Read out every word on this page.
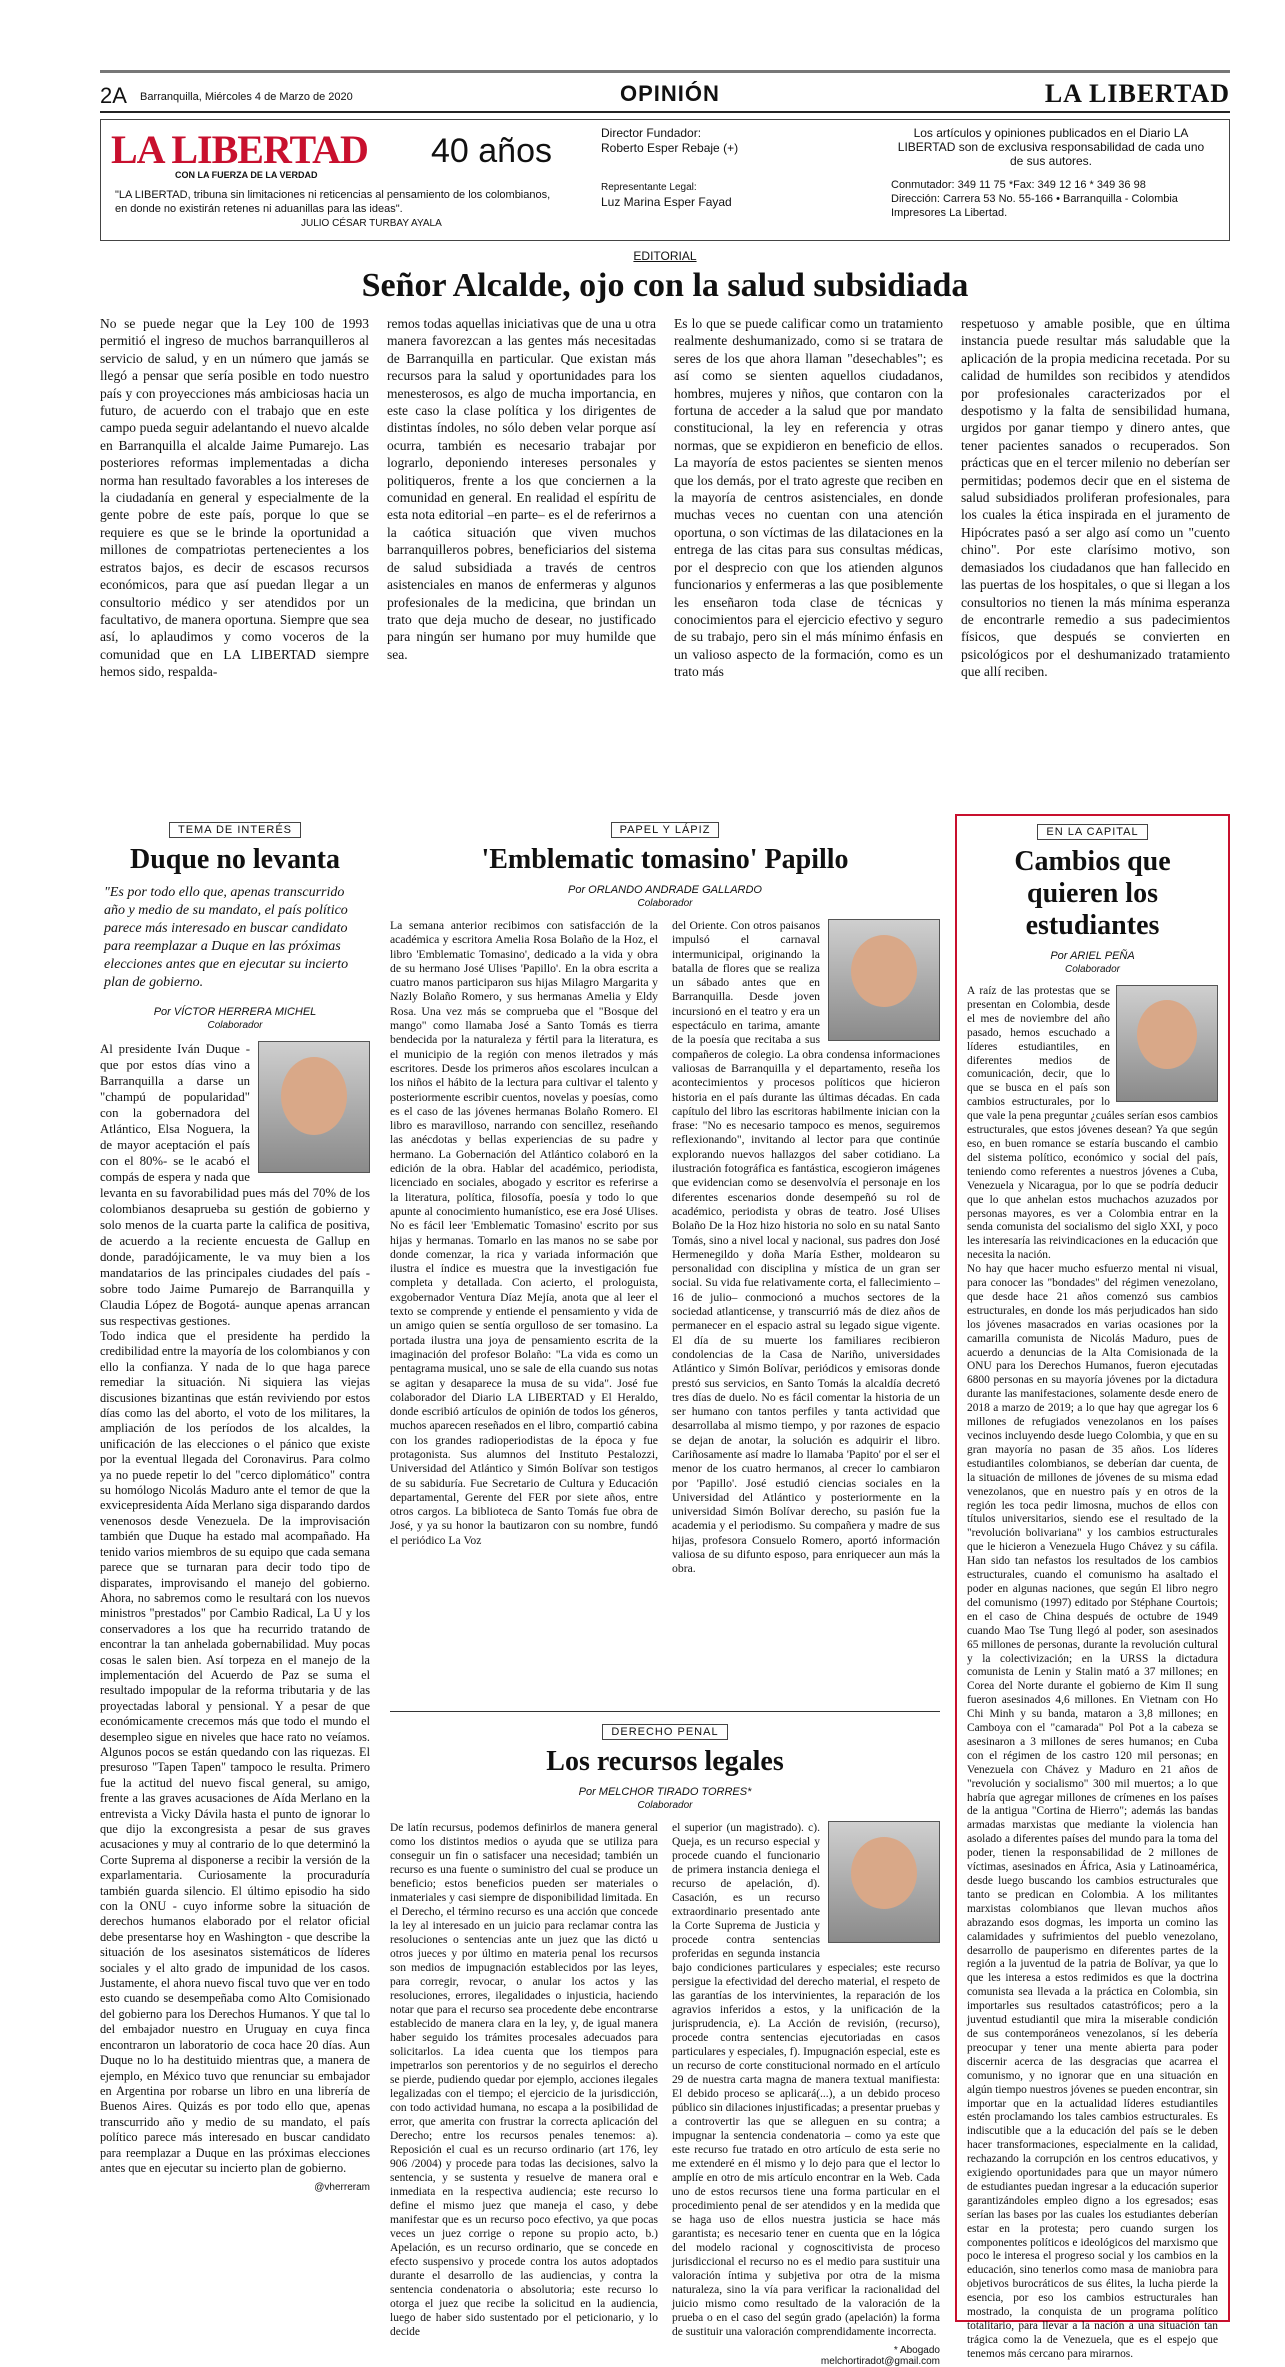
2A Barranquilla, Miércoles 4 de Marzo de 2020	OPINIÓN	LA LIBERTAD
LA LIBERTAD 40 años
CON LA FUERZA DE LA VERDAD
"LA LIBERTAD, tribuna sin limitaciones ni reticencias al pensamiento de los colombianos, en donde no existirán retenes ni aduanillas para las ideas".
JULIO CÉSAR TURBAY AYALA
Director Fundador:
Roberto Esper Rebaje (+)
Representante Legal:
Luz Marina Esper Fayad
Los artículos y opiniones publicados en el Diario LA LIBERTAD son de exclusiva responsabilidad de cada uno de sus autores.
Conmutador: 349 11 75 *Fax: 349 12 16 * 349 36 98
Dirección: Carrera 53 No. 55-166 • Barranquilla - Colombia
Impresores La Libertad.
EDITORIAL
Señor Alcalde, ojo con la salud subsidiada

No se puede negar que la Ley 100 de 1993 permitió el ingreso de muchos barranquilleros al servicio de salud, y en un número que jamás se llegó a pensar que sería posible en todo nuestro país y con proyecciones más ambiciosas hacia un futuro, de acuerdo con el trabajo que en este campo pueda seguir adelantando el nuevo alcalde en Barranquilla el alcalde Jaime Pumarejo. Las posteriores reformas implementadas a dicha norma han resultado favorables a los intereses de la ciudadanía en general y especialmente de la gente pobre de este país, porque lo que se requiere es que se le brinde la oportunidad a millones de compatriotas pertenecientes a los estratos bajos, es decir de escasos recursos económicos, para que así puedan llegar a un consultorio médico y ser atendidos por un facultativo, de manera oportuna. Siempre que sea así, lo aplaudimos y como voceros de la comunidad que en LA LIBERTAD siempre hemos sido, respalda-

remos todas aquellas iniciativas que de una u otra manera favorezcan a las gentes más necesitadas de Barranquilla en particular. Que existan más recursos para la salud y oportunidades para los menesterosos, es algo de mucha importancia, en este caso la clase política y los dirigentes de distintas índoles, no sólo deben velar porque así ocurra, también es necesario trabajar por lograrlo, deponiendo intereses personales y politiqueros, frente a los que conciernen a la comunidad en general. En realidad el espíritu de esta nota editorial –en parte– es el de referirnos a la caótica situación que viven muchos barranquilleros pobres, beneficiarios del sistema de salud subsidiada a través de centros asistenciales en manos de enfermeras y algunos profesionales de la medicina, que brindan un trato que deja mucho de desear, no justificado para ningún ser humano por muy humilde que sea.

Es lo que se puede calificar como un tratamiento realmente deshumanizado, como si se tratara de seres de los que ahora llaman "desechables"; es así como se sienten aquellos ciudadanos, hombres, mujeres y niños, que contaron con la fortuna de acceder a la salud que por mandato constitucional, la ley en referencia y otras normas, que se expidieron en beneficio de ellos. La mayoría de estos pacientes se sienten menos que los demás, por el trato agreste que reciben en la mayoría de centros asistenciales, en donde muchas veces no cuentan con una atención oportuna, o son víctimas de las dilataciones en la entrega de las citas para sus consultas médicas, por el desprecio con que los atienden algunos funcionarios y enfermeras a las que posiblemente les enseñaron toda clase de técnicas y conocimientos para el ejercicio efectivo y seguro de su trabajo, pero sin el más mínimo énfasis en un valioso aspecto de la formación, como es un trato más

respetuoso y amable posible, que en última instancia puede resultar más saludable que la aplicación de la propia medicina recetada. Por su calidad de humildes son recibidos y atendidos por profesionales caracterizados por el despotismo y la falta de sensibilidad humana, urgidos por ganar tiempo y dinero antes, que tener pacientes sanados o recuperados. Son prácticas que en el tercer milenio no deberían ser permitidas; podemos decir que en el sistema de salud subsidiados proliferan profesionales, para los cuales la ética inspirada en el juramento de Hipócrates pasó a ser algo así como un "cuento chino". Por este clarísimo motivo, son demasiados los ciudadanos que han fallecido en las puertas de los hospitales, o que si llegan a los consultorios no tienen la más mínima esperanza de encontrarle remedio a sus padecimientos físicos, que después se convierten en psicológicos por el deshumanizado tratamiento que allí reciben.

TEMA DE INTERÉS
Duque no levanta
"Es por todo ello que, apenas transcurrido año y medio de su mandato, el país político parece más interesado en buscar candidato para reemplazar a Duque en las próximas elecciones antes que en ejecutar su incierto plan de gobierno.
Por VÍCTOR HERRERA MICHEL
Colaborador
Al presidente Iván Duque -que por estos días vino a Barranquilla a darse un "champú de popularidad" con la gobernadora del Atlántico, Elsa Noguera, la de mayor aceptación el país con el 80%- se le acabó el compás de espera y nada que levanta en su favorabilidad pues más del 70% de los colombianos desaprueba su gestión de gobierno y solo menos de la cuarta parte la califica de positiva, de acuerdo a la reciente encuesta de Gallup en donde, paradójicamente, le va muy bien a los mandatarios de las principales ciudades del país -sobre todo Jaime Pumarejo de Barranquilla y Claudia López de Bogotá- aunque apenas arrancan sus respectivas gestiones.
Todo indica que el presidente ha perdido la credibilidad entre la mayoría de los colombianos y con ello la confianza. Y nada de lo que haga parece remediar la situación. Ni siquiera las viejas discusiones bizantinas que están reviviendo por estos días como las del aborto, el voto de los militares, la ampliación de los períodos de los alcaldes, la unificación de las elecciones o el pánico que existe por la eventual llegada del Coronavirus. Para colmo ya no puede repetir lo del "cerco diplomático" contra su homólogo Nicolás Maduro ante el temor de que la exvicepresidenta Aída Merlano siga disparando dardos venenosos desde Venezuela. De la improvisación también que Duque ha estado mal acompañado. Ha tenido varios miembros de su equipo que cada semana parece que se turnaran para decir todo tipo de disparates, improvisando el manejo del gobierno. Ahora, no sabremos como le resultará con los nuevos ministros "prestados" por Cambio Radical, La U y los conservadores a los que ha recurrido tratando de encontrar la tan anhelada gobernabilidad. Muy pocas cosas le salen bien. Así torpeza en el manejo de la implementación del Acuerdo de Paz se suma el resultado impopular de la reforma tributaria y de las proyectadas laboral y pensional. Y a pesar de que económicamente crecemos más que todo el mundo el desempleo sigue en niveles que hace rato no veíamos. Algunos pocos se están quedando con las riquezas. El presuroso "Tapen Tapen" tampoco le resulta. Primero fue la actitud del nuevo fiscal general, su amigo, frente a las graves acusaciones de Aída Merlano en la entrevista a Vicky Dávila hasta el punto de ignorar lo que dijo la excongresista a pesar de sus graves acusaciones y muy al contrario de lo que determinó la Corte Suprema al disponerse a recibir la versión de la exparlamentaria. Curiosamente la procuraduría también guarda silencio. El último episodio ha sido con la ONU - cuyo informe sobre la situación de derechos humanos elaborado por el relator oficial debe presentarse hoy en Washington - que describe la situación de los asesinatos sistemáticos de líderes sociales y el alto grado de impunidad de los casos. Justamente, el ahora nuevo fiscal tuvo que ver en todo esto cuando se desempeñaba como Alto Comisionado del gobierno para los Derechos Humanos. Y que tal lo del embajador nuestro en Uruguay en cuya finca encontraron un laboratorio de coca hace 20 días. Aun Duque no lo ha destituido mientras que, a manera de ejemplo, en México tuvo que renunciar su embajador en Argentina por robarse un libro en una librería de Buenos Aires. Quizás es por todo ello que, apenas transcurrido año y medio de su mandato, el país político parece más interesado en buscar candidato para reemplazar a Duque en las próximas elecciones antes que en ejecutar su incierto plan de gobierno.
@vherreram
PAPEL Y LÁPIZ
'Emblematic tomasino' Papillo
Por ORLANDO ANDRADE GALLARDO
Colaborador
La semana anterior recibimos con satisfacción de la académica y escritora Amelia Rosa Bolaño de la Hoz, el libro 'Emblematic Tomasino', dedicado a la vida y obra de su hermano José Ulises 'Papillo'. En la obra escrita a cuatro manos participaron sus hijas Milagro Margarita y Nazly Bolaño Romero, y sus hermanas Amelia y Eldy Rosa. Una vez más se comprueba que el "Bosque del mango" como llamaba José a Santo Tomás es tierra bendecida por la naturaleza y fértil para la literatura, es el municipio de la región con menos iletrados y más escritores. Desde los primeros años escolares inculcan a los niños el hábito de la lectura para cultivar el talento y posteriormente escribir cuentos, novelas y poesías, como es el caso de las jóvenes hermanas Bolaño Romero. El libro es maravilloso, narrando con sencillez, reseñando las anécdotas y bellas experiencias de su padre y hermano. La Gobernación del Atlántico colaboró en la edición de la obra. Hablar del académico, periodista, licenciado en sociales, abogado y escritor es referirse a la literatura, política, filosofía, poesía y todo lo que apunte al conocimiento humanístico, ese era José Ulises. No es fácil leer 'Emblematic Tomasino' escrito por sus hijas y hermanas. Tomarlo en las manos no se sabe por donde comenzar, la rica y variada información que ilustra el índice es muestra que la investigación fue completa y detallada. Con acierto, el prologuista, exgobernador Ventura Díaz Mejía, anota que al leer el texto se comprende y entiende el pensamiento y vida de un amigo quien se sentía orgulloso de ser tomasino. La portada ilustra una joya de pensamiento escrita de la imaginación del profesor Bolaño: "La vida es como un pentagrama musical, uno se sale de ella cuando sus notas se agitan y desaparece la musa de su vida". José fue colaborador del Diario LA LIBERTAD y El Heraldo, donde escribió artículos de opinión de todos los géneros, muchos aparecen reseñados en el libro, compartió cabina con los grandes radioperiodistas de la época y fue protagonista. Sus alumnos del Instituto Pestalozzi, Universidad del Atlántico y Simón Bolívar son testigos de su sabiduría. Fue Secretario de Cultura y Educación departamental, Gerente del FER por siete años, entre otros cargos. La biblioteca de Santo Tomás fue obra de José, y ya su honor la bautizaron con su nombre, fundó el periódico La Voz
del Oriente. Con otros paisanos impulsó el carnaval intermunicipal, originando la batalla de flores que se realiza un sábado antes que en Barranquilla. Desde joven incursionó en el teatro y era un espectáculo en tarima, amante de la poesía que recitaba a sus compañeros de colegio. La obra condensa informaciones valiosas de Barranquilla y el departamento, reseña los acontecimientos y procesos políticos que hicieron historia en el país durante las últimas décadas. En cada capítulo del libro las escritoras habilmente inician con la frase: "No es necesario tampoco es menos, seguiremos reflexionando", invitando al lector para que continúe explorando nuevos hallazgos del saber cotidiano. La ilustración fotográfica es fantástica, escogieron imágenes que evidencian como se desenvolvía el personaje en los diferentes escenarios donde desempeñó su rol de académico, periodista y obras de teatro. José Ulises Bolaño De la Hoz hizo historia no solo en su natal Santo Tomás, sino a nivel local y nacional, sus padres don José Hermenegildo y doña María Esther, moldearon su personalidad con disciplina y mística de un gran ser social. Su vida fue relativamente corta, el fallecimiento –16 de julio– conmocionó a muchos sectores de la sociedad atlanticense, y transcurrió más de diez años de permanecer en el espacio astral su legado sigue vigente. El día de su muerte los familiares recibieron condolencias de la Casa de Nariño, universidades Atlántico y Simón Bolívar, periódicos y emisoras donde prestó sus servicios, en Santo Tomás la alcaldía decretó tres días de duelo. No es fácil comentar la historia de un ser humano con tantos perfiles y tanta actividad que desarrollaba al mismo tiempo, y por razones de espacio se dejan de anotar, la solución es adquirir el libro. Cariñosamente así madre lo llamaba 'Papito' por el ser el menor de los cuatro hermanos, al crecer lo cambiaron por 'Papillo'. José estudió ciencias sociales en la Universidad del Atlántico y posteriormente en la universidad Simón Bolívar derecho, su pasión fue la academia y el periodismo. Su compañera y madre de sus hijas, profesora Consuelo Romero, aportó información valiosa de su difunto esposo, para enriquecer aun más la obra.
DERECHO PENAL
Los recursos legales
Por MELCHOR TIRADO TORRES*
Colaborador
De latín recursus, podemos definirlos de manera general como los distintos medios o ayuda que se utiliza para conseguir un fin o satisfacer una necesidad; también un recurso es una fuente o suministro del cual se produce un beneficio; estos beneficios pueden ser materiales o inmateriales y casi siempre de disponibilidad limitada. En el Derecho, el término recurso es una acción que concede la ley al interesado en un juicio para reclamar contra las resoluciones o sentencias ante un juez que las dictó u otros jueces y por último en materia penal los recursos son medios de impugnación establecidos por las leyes, para corregir, revocar, o anular los actos y las resoluciones, errores, ilegalidades o injusticia, haciendo notar que para el recurso sea procedente debe encontrarse establecido de manera clara en la ley, y, de igual manera haber seguido los trámites procesales adecuados para solicitarlos. La idea cuenta que los tiempos para impetrarlos son perentorios y de no seguirlos el derecho se pierde, pudiendo quedar por ejemplo, acciones ilegales legalizadas con el tiempo; el ejercicio de la jurisdicción, con todo actividad humana, no escapa a la posibilidad de error, que amerita con frustrar la correcta aplicación del Derecho; entre los recursos penales tenemos: a). Reposición el cual es un recurso ordinario (art 176, ley 906 /2004) y procede para todas las decisiones, salvo la sentencia, y se sustenta y resuelve de manera oral e inmediata en la respectiva audiencia; este recurso lo define el mismo juez que maneja el caso, y debe manifestar que es un recurso poco efectivo, ya que pocas veces un juez corrige o repone su propio acto, b.) Apelación, es un recurso ordinario, que se concede en efecto suspensivo y procede contra los autos adoptados durante el desarrollo de las audiencias, y contra la sentencia condenatoria o absolutoria; este recurso lo otorga el juez que recibe la solicitud en la audiencia, luego de haber sido sustentado por el peticionario, y lo decide
el superior (un magistrado). c). Queja, es un recurso especial y procede cuando el funcionario de primera instancia deniega el recurso de apelación, d). Casación, es un recurso extraordinario presentado ante la Corte Suprema de Justicia y procede contra sentencias proferidas en segunda instancia bajo condiciones particulares y especiales; este recurso persigue la efectividad del derecho material, el respeto de las garantías de los intervinientes, la reparación de los agravios inferidos a estos, y la unificación de la jurisprudencia, e). La Acción de revisión, (recurso), procede contra sentencias ejecutoriadas en casos particulares y especiales, f). Impugnación especial, este es un recurso de corte constitucional normado en el artículo 29 de nuestra carta magna de manera textual manifiesta: El debido proceso se aplicará(...), a un debido proceso público sin dilaciones injustificadas; a presentar pruebas y a controvertir las que se alleguen en su contra; a impugnar la sentencia condenatoria – como ya este que este recurso fue tratado en otro artículo de esta serie no me extenderé en él mismo y lo dejo para que el lector lo amplíe en otro de mis artículo encontrar en la Web. Cada uno de estos recursos tiene una forma particular en el procedimiento penal de ser atendidos y en la medida que se haga uso de ellos nuestra justicia se hace más garantista; es necesario tener en cuenta que en la lógica del modelo racional y cognoscitivista de proceso jurisdiccional el recurso no es el medio para sustituir una valoración íntima y subjetiva por otra de la misma naturaleza, sino la vía para verificar la racionalidad del juicio mismo como resultado de la valoración de la prueba o en el caso del según grado (apelación) la forma de sustituir una valoración comprendidamente incorrecta.
* Abogado
melchortiradot@gmail.com
EN LA CAPITAL
Cambios que quieren los estudiantes
Por ARIEL PEÑA
Colaborador
A raíz de las protestas que se presentan en Colombia, desde el mes de noviembre del año pasado, hemos escuchado a líderes estudiantiles, en diferentes medios de comunicación, decir, que lo que se busca en el país son cambios estructurales, por lo que vale la pena preguntar ¿cuáles serían esos cambios estructurales, que estos jóvenes desean? Ya que según eso, en buen romance se estaría buscando el cambio del sistema político, económico y social del país, teniendo como referentes a nuestros jóvenes a Cuba, Venezuela y Nicaragua, por lo que se podría deducir que lo que anhelan estos muchachos azuzados por personas mayores, es ver a Colombia entrar en la senda comunista del socialismo del siglo XXI, y poco les interesaría las reivindicaciones en la educación que necesita la nación.
No hay que hacer mucho esfuerzo mental ni visual, para conocer las "bondades" del régimen venezolano, que desde hace 21 años comenzó sus cambios estructurales, en donde los más perjudicados han sido los jóvenes masacrados en varias ocasiones por la camarilla comunista de Nicolás Maduro, pues de acuerdo a denuncias de la Alta Comisionada de la ONU para los Derechos Humanos, fueron ejecutadas 6800 personas en su mayoría jóvenes por la dictadura durante las manifestaciones, solamente desde enero de 2018 a marzo de 2019; a lo que hay que agregar los 6 millones de refugiados venezolanos en los países vecinos incluyendo desde luego Colombia, y que en su gran mayoría no pasan de 35 años. Los líderes estudiantiles colombianos, se deberían dar cuenta, de la situación de millones de jóvenes de su misma edad venezolanos, que en nuestro país y en otros de la región les toca pedir limosna, muchos de ellos con títulos universitarios, siendo ese el resultado de la "revolución bolivariana" y los cambios estructurales que le hicieron a Venezuela Hugo Chávez y su cáfila. Han sido tan nefastos los resultados de los cambios estructurales, cuando el comunismo ha asaltado el poder en algunas naciones, que según El libro negro del comunismo (1997) editado por Stéphane Courtois; en el caso de China después de octubre de 1949 cuando Mao Tse Tung llegó al poder, son asesinados 65 millones de personas, durante la revolución cultural y la colectivización; en la URSS la dictadura comunista de Lenin y Stalin mató a 37 millones; en Corea del Norte durante el gobierno de Kim Il sung fueron asesinados 4,6 millones. En Vietnam con Ho Chi Minh y su banda, mataron a 3,8 millones; en Camboya con el "camarada" Pol Pot a la cabeza se asesinaron a 3 millones de seres humanos; en Cuba con el régimen de los castro 120 mil personas; en Venezuela con Chávez y Maduro en 21 años de "revolución y socialismo" 300 mil muertos; a lo que habría que agregar millones de crímenes en los países de la antigua "Cortina de Hierro"; además las bandas armadas marxistas que mediante la violencia han asolado a diferentes países del mundo para la toma del poder, tienen la responsabilidad de 2 millones de víctimas, asesinados en África, Asia y Latinoamérica, desde luego buscando los cambios estructurales que tanto se predican en Colombia. A los militantes marxistas colombianos que llevan muchos años abrazando esos dogmas, les importa un comino las calamidades y sufrimientos del pueblo venezolano, desarrollo de pauperismo en diferentes partes de la región a la juventud de la patria de Bolívar, ya que lo que les interesa a estos redimidos es que la doctrina comunista sea llevada a la práctica en Colombia, sin importarles sus resultados catastróficos; pero a la juventud estudiantil que mira la miserable condición de sus contemporáneos venezolanos, sí les debería preocupar y tener una mente abierta para poder discernir acerca de las desgracias que acarrea el comunismo, y no ignorar que en una situación en algún tiempo nuestros jóvenes se pueden encontrar, sin importar que en la actualidad líderes estudiantiles estén proclamando los tales cambios estructurales. Es indiscutible que a la educación del país se le deben hacer transformaciones, especialmente en la calidad, rechazando la corrupción en los centros educativos, y exigiendo oportunidades para que un mayor número de estudiantes puedan ingresar a la educación superior garantizándoles empleo digno a los egresados; esas serían las bases por las cuales los estudiantes deberían estar en la protesta; pero cuando surgen los componentes políticos e ideológicos del marxismo que poco le interesa el progreso social y los cambios en la educación, sino tenerlos como masa de maniobra para objetivos burocráticos de sus élites, la lucha pierde la esencia, por eso los cambios estructurales han mostrado, la conquista de un programa político totalitario, para llevar a la nación a una situación tan trágica como la de Venezuela, que es el espejo que tenemos más cercano para mirarnos.
